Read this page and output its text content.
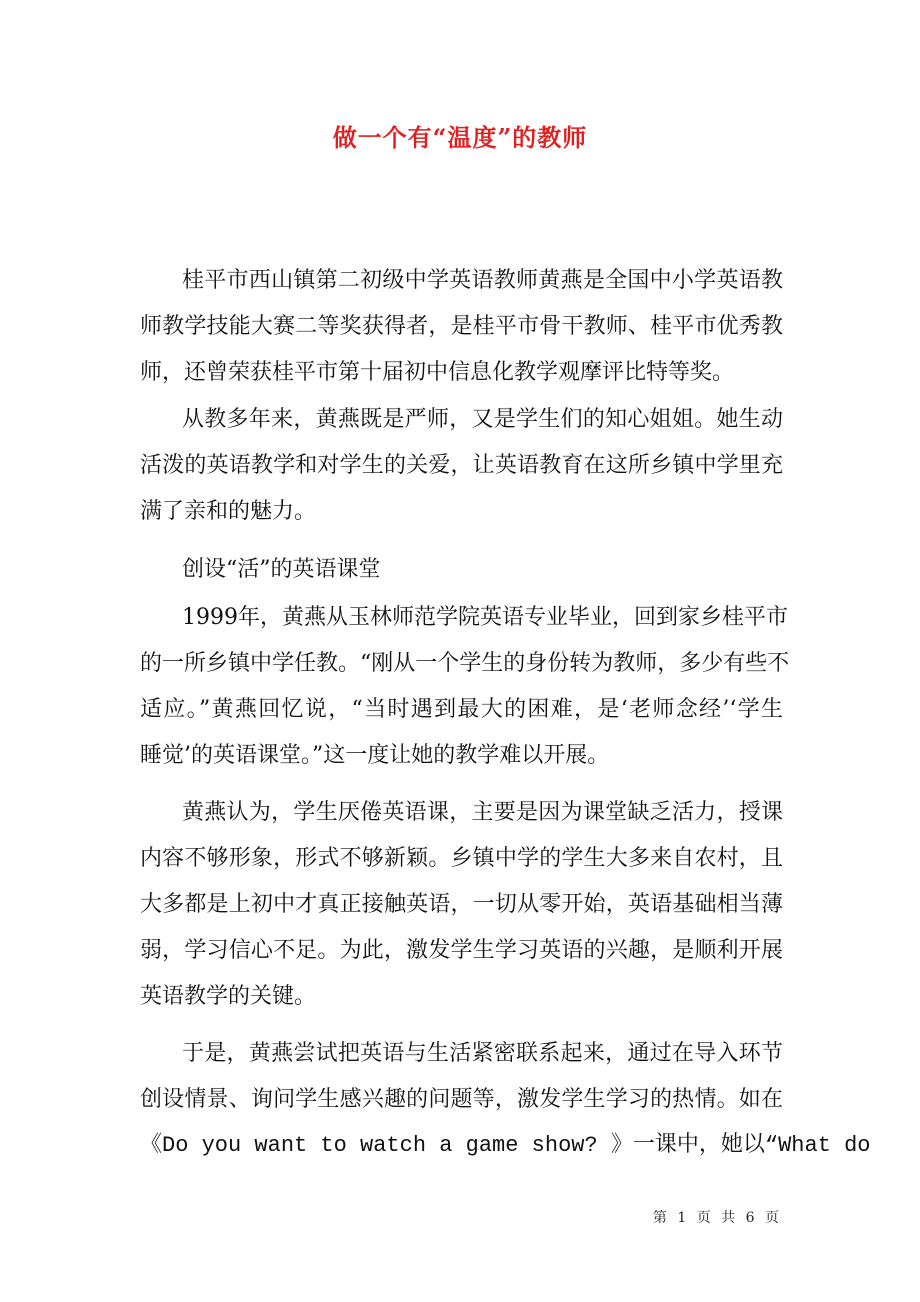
做一个有“温度”的教师
桂平市西山镇第二初级中学英语教师黄燕是全国中小学英语教
师教学技能大赛二等奖获得者，是桂平市骨干教师、桂平市优秀教
师，还曾荣获桂平市第十届初中信息化教学观摩评比特等奖。
从教多年来，黄燕既是严师，又是学生们的知心姐姐。她生动
活泼的英语教学和对学生的关爱，让英语教育在这所乡镇中学里充
满了亲和的魅力。
创设“活”的英语课堂
1999年，黄燕从玉林师范学院英语专业毕业，回到家乡桂平市
的一所乡镇中学任教。“刚从一个学生的身份转为教师，多少有些不
适应。”黄燕回忆说，“当时遇到最大的困难，是‘老师念经’‘学生
睡觉’的英语课堂。”这一度让她的教学难以开展。
黄燕认为，学生厌倦英语课，主要是因为课堂缺乏活力，授课
内容不够形象，形式不够新颖。乡镇中学的学生大多来自农村，且
大多都是上初中才真正接触英语，一切从零开始，英语基础相当薄
弱，学习信心不足。为此，激发学生学习英语的兴趣，是顺利开展
英语教学的关键。
于是，黄燕尝试把英语与生活紧密联系起来，通过在导入环节
创设情景、询问学生感兴趣的问题等，激发学生学习的热情。如在
《Do you want to watch a game show? 》一课中，她以“What do
第 1 页 共 6 页
